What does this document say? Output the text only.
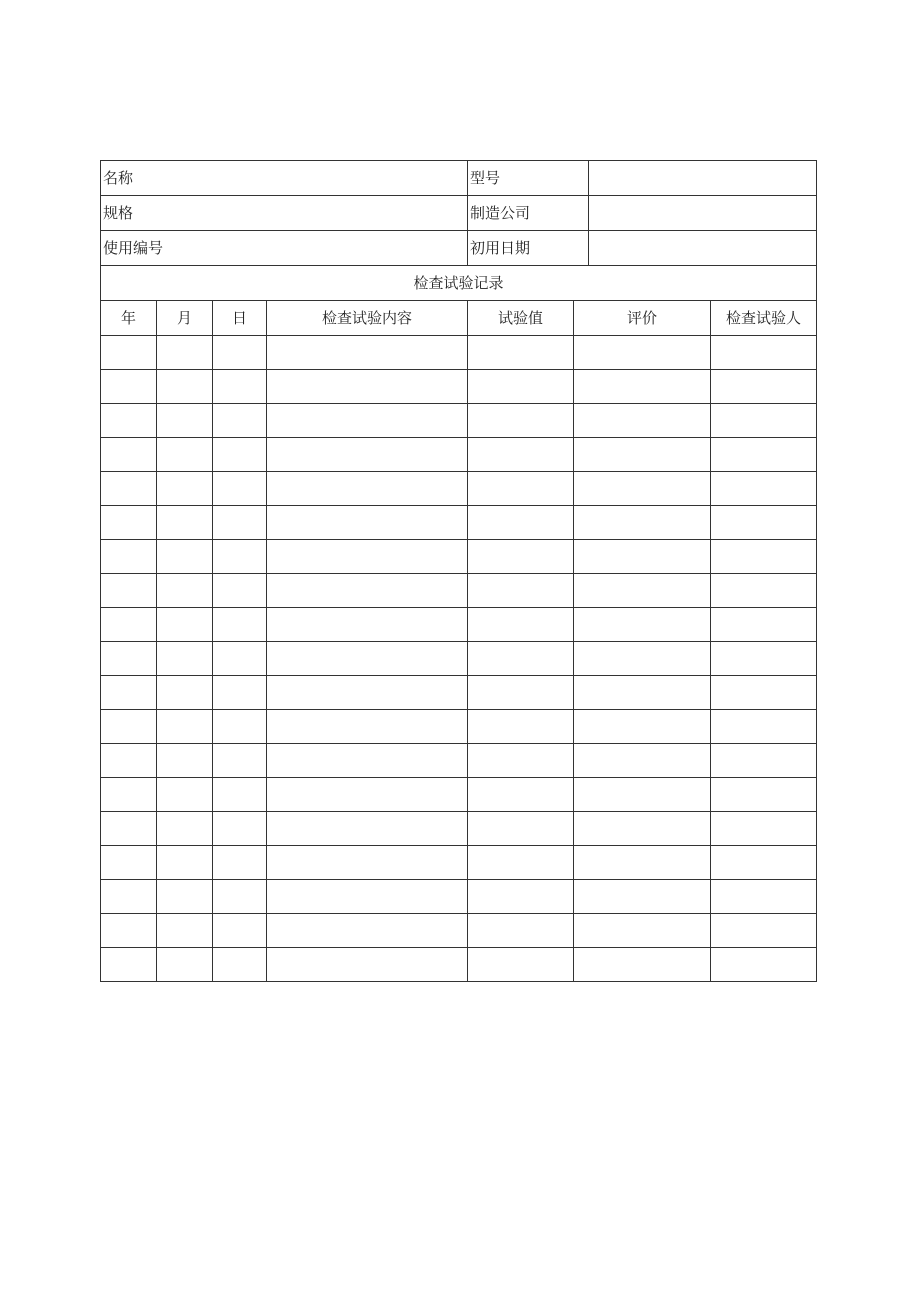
名称				型号			
规格				制造公司			
使用编号				初用日期			
检查试验记录							
年	月	日	检查试验内容	试验值	评价		检查试验人
